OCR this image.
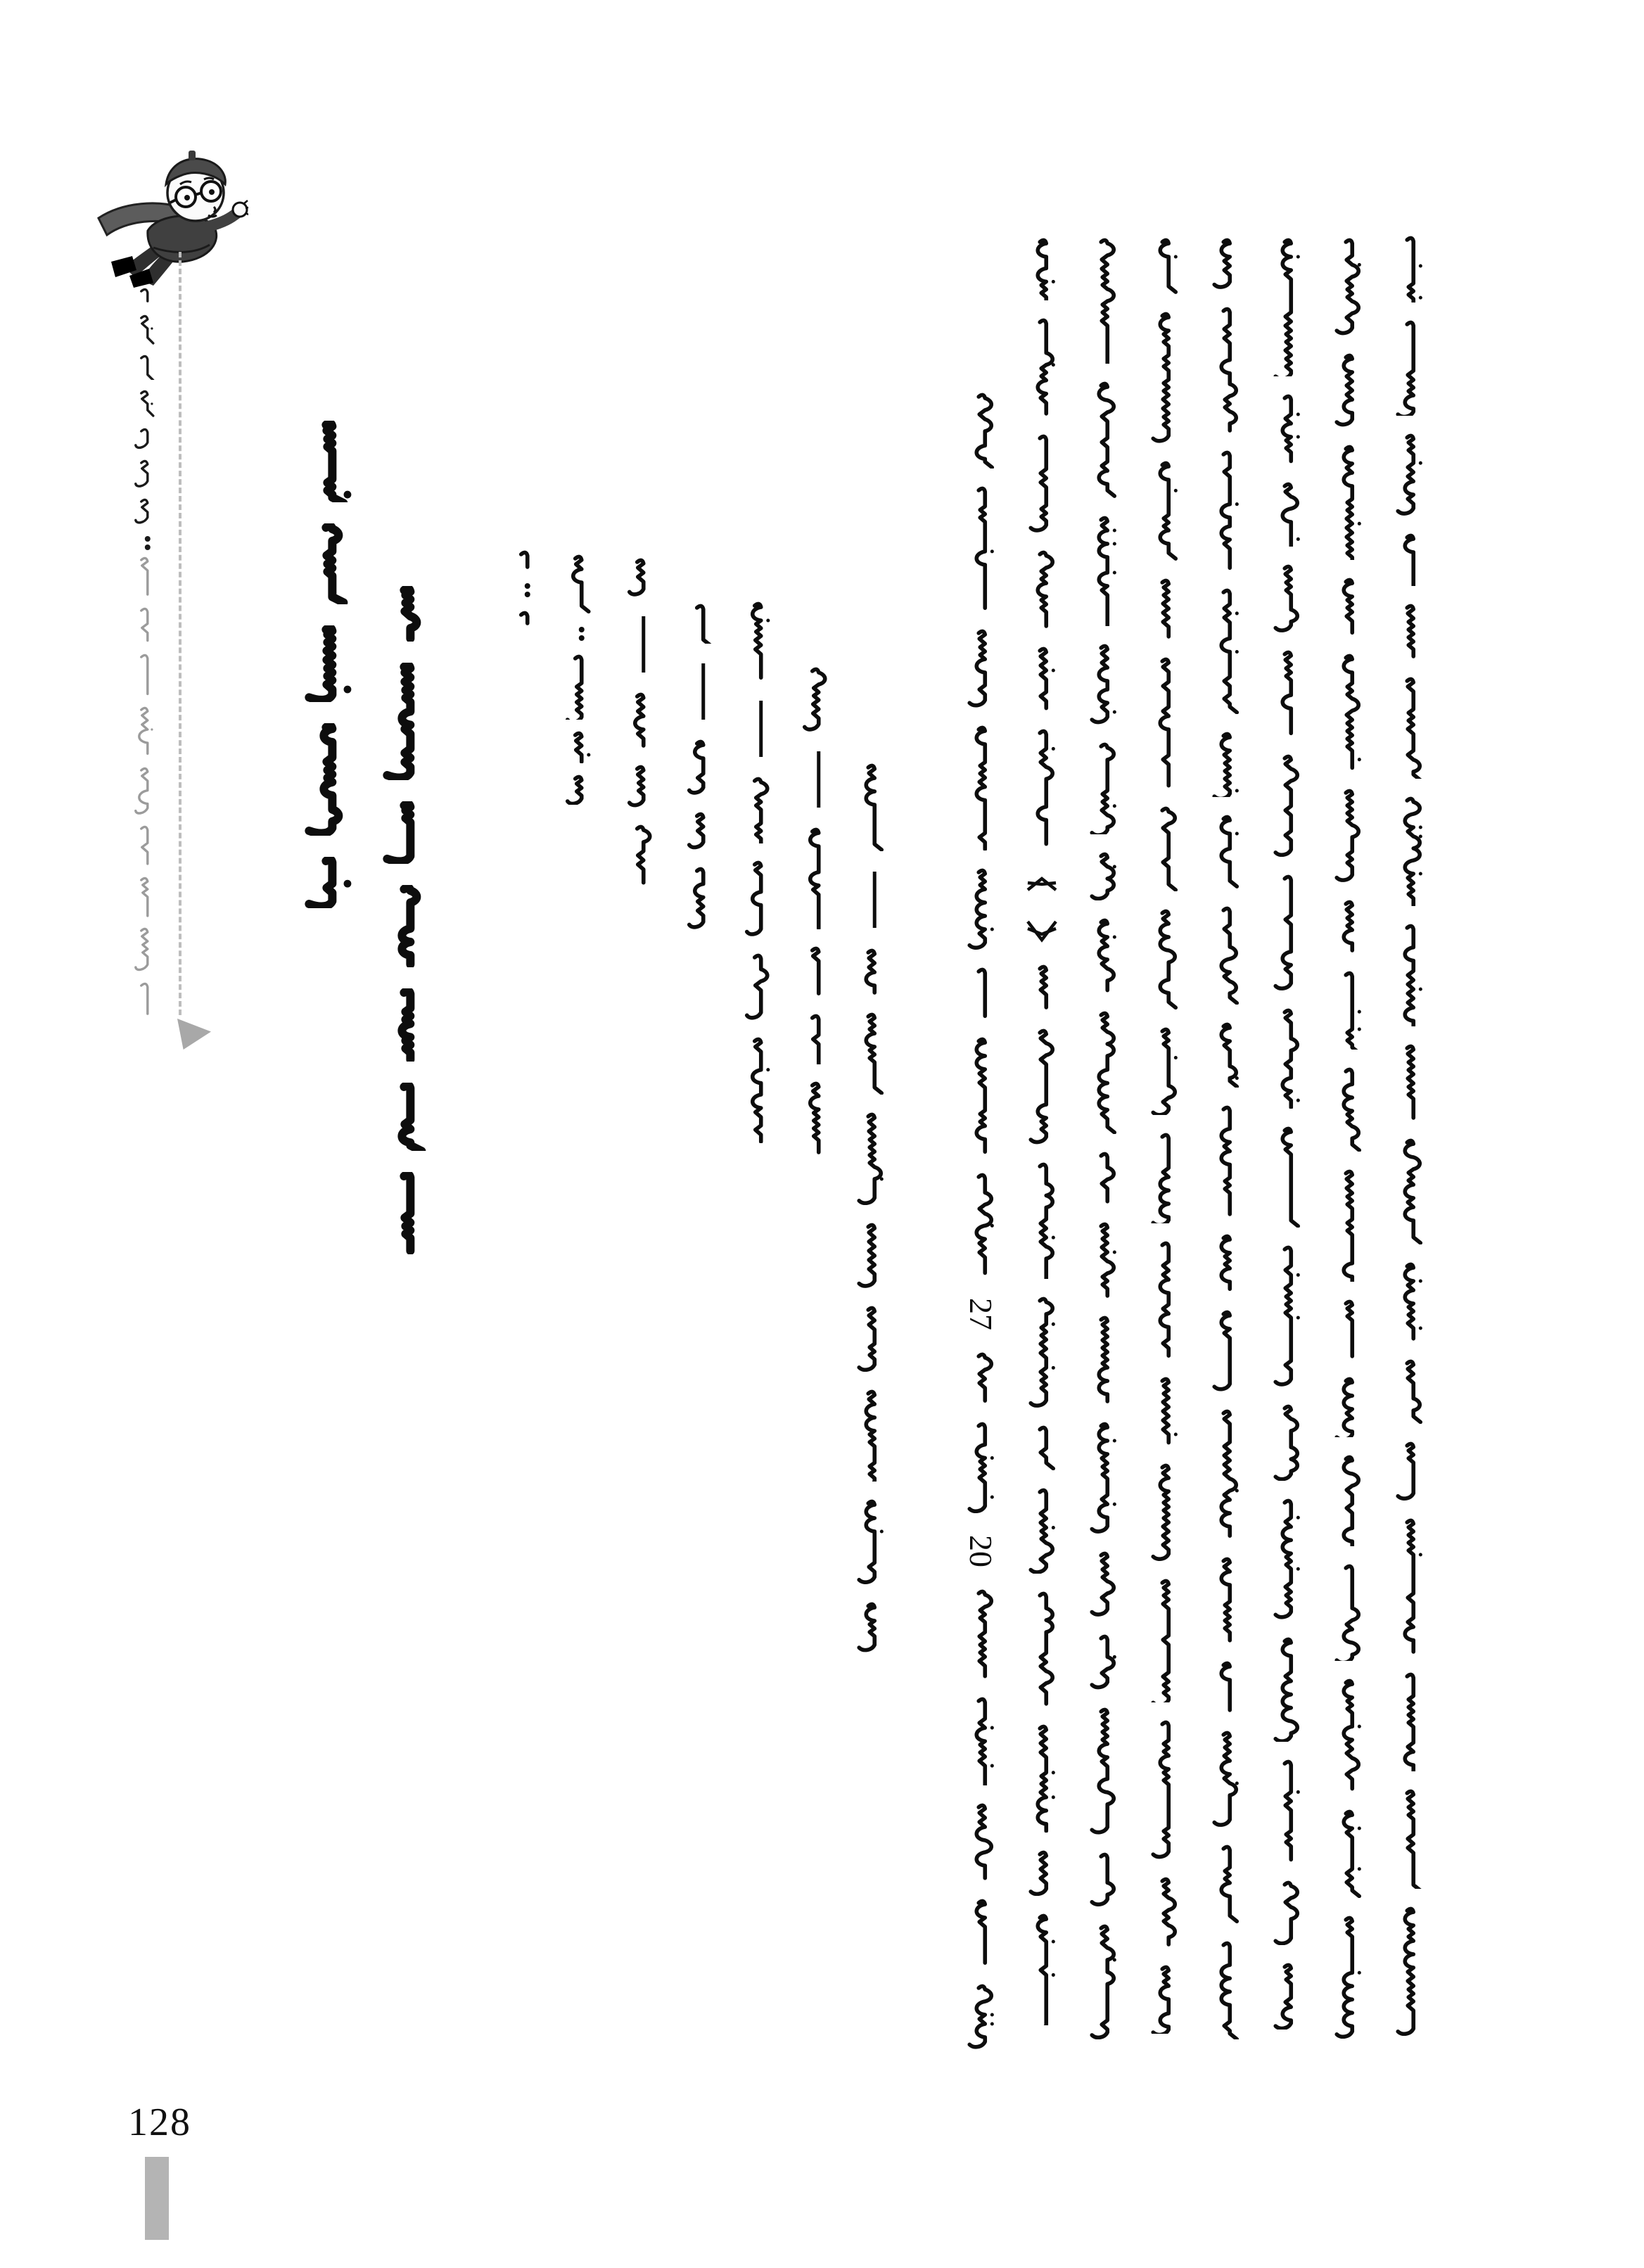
27
20
128
